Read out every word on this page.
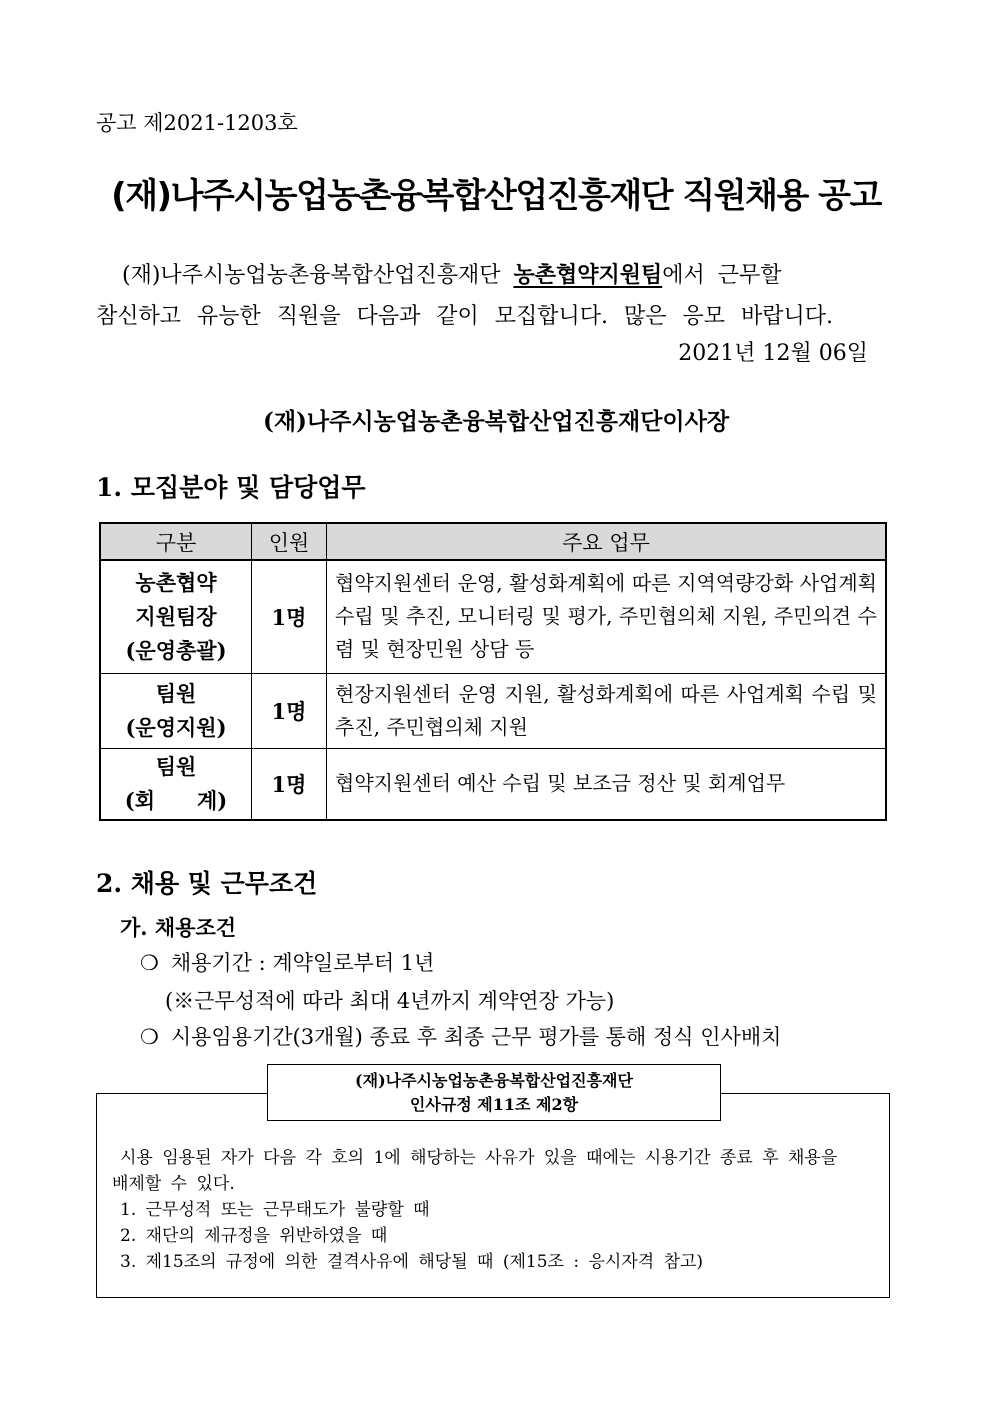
공고 제2021-1203호
(재)나주시농업농촌융복합산업진흥재단 직원채용 공고
(재)나주시농업농촌융복합산업진흥재단 농촌협약지원팀에서 근무할
참신하고 유능한 직원을 다음과 같이 모집합니다. 많은 응모 바랍니다.
2021년 12월 06일
(재)나주시농업농촌융복합산업진흥재단이사장
1. 모집분야 및 담당업무
구분	인원	주요 업무

농촌협약
지원팀장
(운영총괄)	1명	협약지원센터 운영, 활성화계획에 따른 지역역량강화 사업계획 수립 및 추진, 모니터링 및 평가, 주민협의체 지원, 주민의견 수렴 및 현장민원 상담 등

팀원
(운영지원)	1명	현장지원센터 운영 지원, 활성화계획에 따른 사업계획 수립 및 추진, 주민협의체 지원

팀원
(회　　계)	1명	협약지원센터 예산 수립 및 보조금 정산 및 회계업무
2. 채용 및 근무조건
가. 채용조건
❍ 채용기간 : 계약일로부터 1년
(※근무성적에 따라 최대 4년까지 계약연장 가능)
❍ 시용임용기간(3개월) 종료 후 최종 근무 평가를 통해 정식 인사배치
(재)나주시농업농촌융복합산업진흥재단
인사규정 제11조 제2항
시용 임용된 자가 다음 각 호의 1에 해당하는 사유가 있을 때에는 시용기간 종료 후 채용을 배제할 수 있다.
1. 근무성적 또는 근무태도가 불량할 때
2. 재단의 제규정을 위반하였을 때
3. 제15조의 규정에 의한 결격사유에 해당될 때 (제15조 : 응시자격 참고)
